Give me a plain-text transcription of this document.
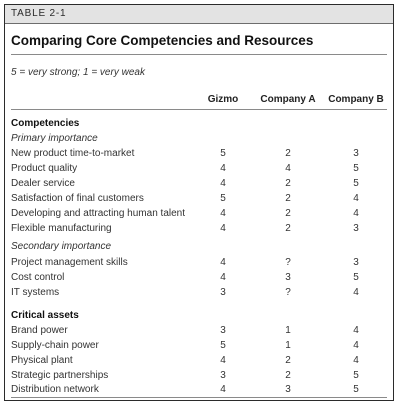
TABLE 2-1
Comparing Core Competencies and Resources
5 = very strong; 1 = very weak
Gizmo	Company A	Company B
Competencies
Primary importance
New product time-to-market	5	2	3
Product quality	4	4	5
Dealer service	4	2	5
Satisfaction of final customers	5	2	4
Developing and attracting human talent	4	2	4
Flexible manufacturing	4	2	3
Secondary importance
Project management skills	4	?	3
Cost control	4	3	5
IT systems	3	?	4
Critical assets
Brand power	3	1	4
Supply-chain power	5	1	4
Physical plant	4	2	4
Strategic partnerships	3	2	5
Distribution network	4	3	5
